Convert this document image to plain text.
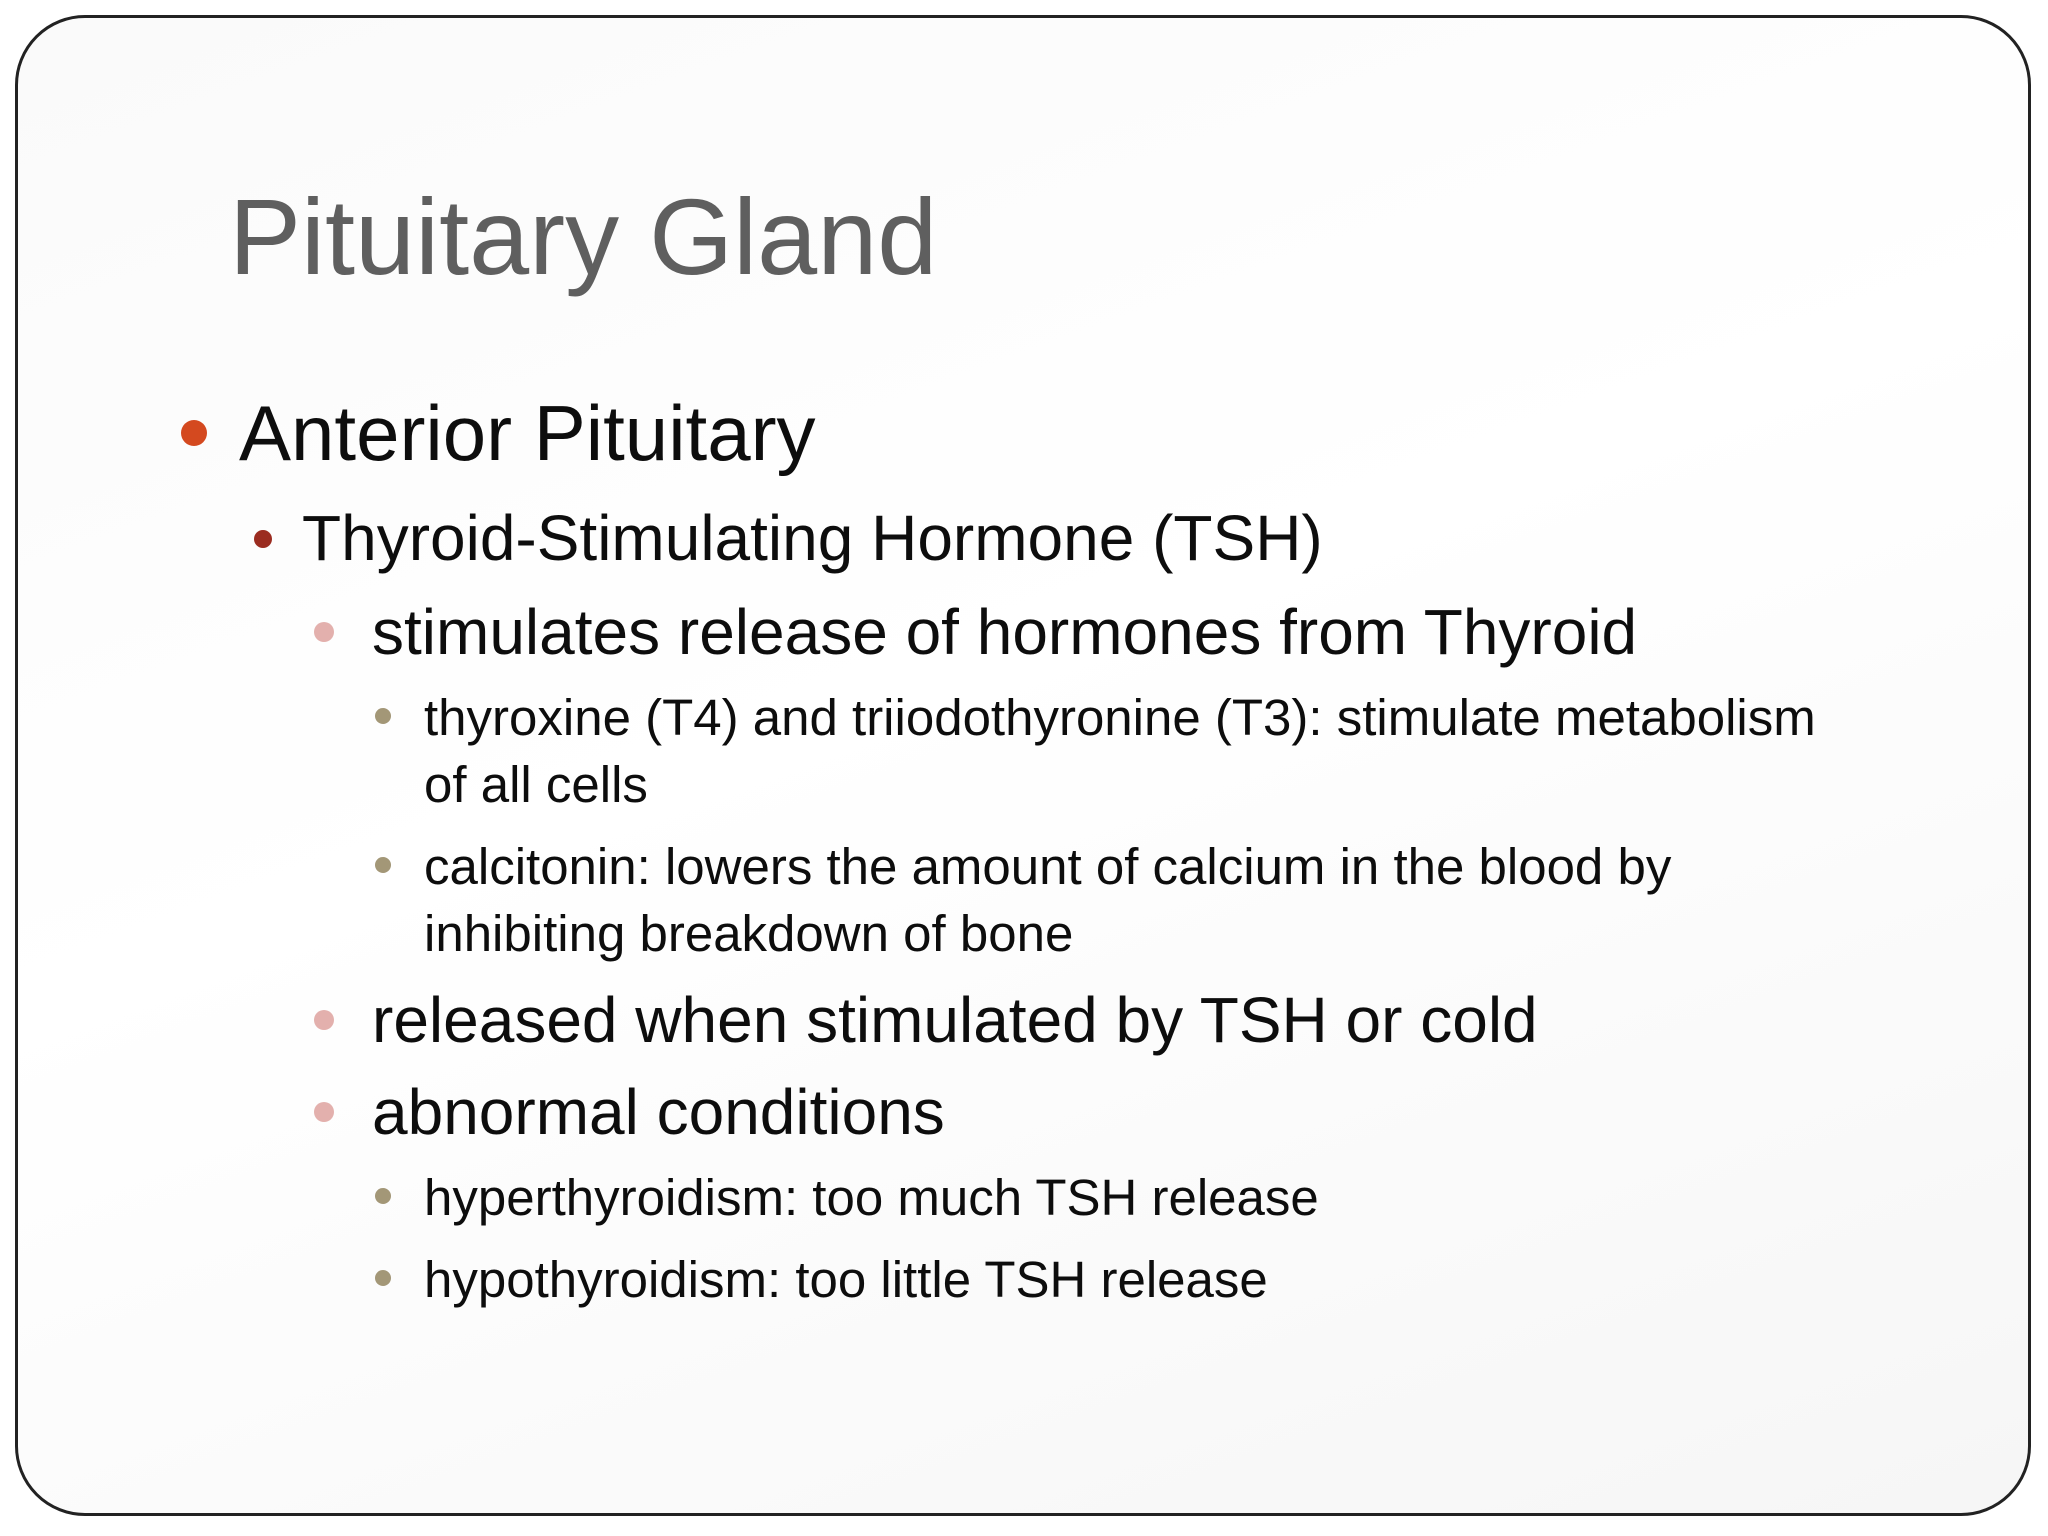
Pituitary Gland
Anterior Pituitary
Thyroid-Stimulating Hormone (TSH)
stimulates release of hormones from Thyroid
thyroxine (T4) and triiodothyronine (T3): stimulate metabolism of all cells
calcitonin: lowers the amount of calcium in the blood by inhibiting breakdown of bone
released when stimulated by TSH or cold
abnormal conditions
hyperthyroidism: too much TSH release
hypothyroidism: too little TSH release
